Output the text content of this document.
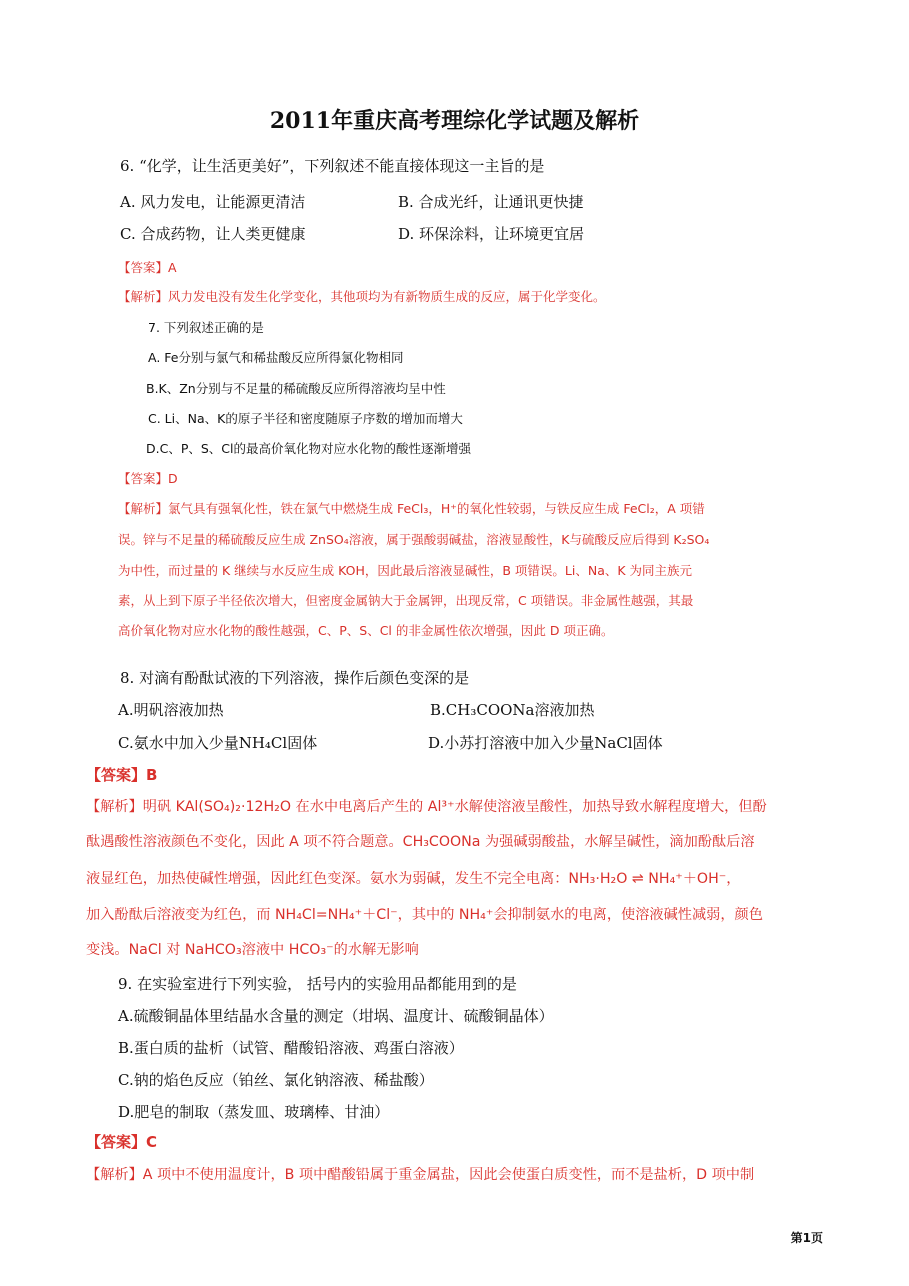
2011年重庆高考理综化学试题及解析
6. “化学，让生活更美好”，下列叙述不能直接体现这一主旨的是
A. 风力发电，让能源更清洁	B. 合成光纤，让通讯更快捷
C. 合成药物，让人类更健康	D. 环保涂料，让环境更宜居
【答案】A
【解析】风力发电没有发生化学变化，其他项均为有新物质生成的反应，属于化学变化。
7. 下列叙述正确的是
A. Fe分别与氯气和稀盐酸反应所得氯化物相同
B.K、Zn分别与不足量的稀硫酸反应所得溶液均呈中性
C. Li、Na、K的原子半径和密度随原子序数的增加而增大
D.C、P、S、Cl的最高价氧化物对应水化物的酸性逐渐增强
【答案】D
【解析】氯气具有强氧化性，铁在氯气中燃烧生成 FeCl₃，H⁺的氧化性较弱，与铁反应生成 FeCl₂，A 项错
误。锌与不足量的稀硫酸反应生成 ZnSO₄溶液，属于强酸弱碱盐，溶液显酸性，K与硫酸反应后得到 K₂SO₄
为中性，而过量的 K 继续与水反应生成 KOH，因此最后溶液显碱性，B 项错误。Li、Na、K 为同主族元
素，从上到下原子半径依次增大，但密度金属钠大于金属钾，出现反常，C 项错误。非金属性越强，其最
高价氧化物对应水化物的酸性越强，C、P、S、Cl 的非金属性依次增强，因此 D 项正确。
8. 对滴有酚酞试液的下列溶液，操作后颜色变深的是
A.明矾溶液加热	B.CH₃COONa溶液加热
C.氨水中加入少量NH₄Cl固体	D.小苏打溶液中加入少量NaCl固体
【答案】B
【解析】明矾 KAl(SO₄)₂·12H₂O 在水中电离后产生的 Al³⁺水解使溶液呈酸性，加热导致水解程度增大，但酚
酞遇酸性溶液颜色不变化，因此 A 项不符合题意。CH₃COONa 为强碱弱酸盐，水解呈碱性，滴加酚酞后溶
液显红色，加热使碱性增强，因此红色变深。氨水为弱碱，发生不完全电离：NH₃·H₂O ⇌ NH₄⁺＋OH⁻，
加入酚酞后溶液变为红色，而 NH₄Cl=NH₄⁺＋Cl⁻，其中的 NH₄⁺会抑制氨水的电离，使溶液碱性减弱，颜色
变浅。NaCl 对 NaHCO₃溶液中 HCO₃⁻的水解无影响
9. 在实验室进行下列实验， 括号内的实验用品都能用到的是
A.硫酸铜晶体里结晶水含量的测定（坩埚、温度计、硫酸铜晶体）
B.蛋白质的盐析（试管、醋酸铅溶液、鸡蛋白溶液）
C.钠的焰色反应（铂丝、氯化钠溶液、稀盐酸）
D.肥皂的制取（蒸发皿、玻璃棒、甘油）
【答案】C
【解析】A 项中不使用温度计，B 项中醋酸铅属于重金属盐，因此会使蛋白质变性，而不是盐析，D 项中制
第1页
